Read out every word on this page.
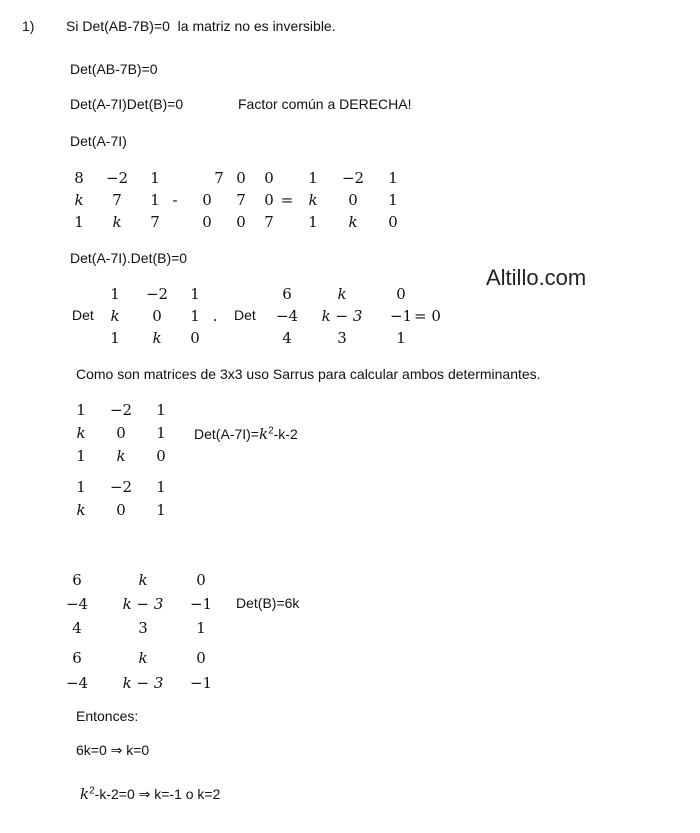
1) Si Det(AB-7B)=0  la matriz no es inversible.
Det(AB-7B)=0
Det(A-7I)Det(B)=0	Factor común a DERECHA!
Det(A-7I)
8	−2	1
k	7	1
1	k	7
-
7 0	0
0	7	0
0	0	7
=
1	−2	1
k	0	1
1	k	0
Det(A-7I).Det(B)=0
Altillo.com
Det
1	−2	1
k	0	1
1	k	0
.	Det
6	k	0
−4	k − 3	−1
4	3	1
= 0
Como son matrices de 3x3 uso Sarrus para calcular ambos determinantes.
1	−2	1
k	0	1
1	k	0
1	−2	1
k	0	1
$Det(A-7I)=k^2-k-2$
6	k	0
−4	k − 3	−1
4	3	1
6	k	0
−4	k − 3	−1
Det(B)=6k
Entonces:
6k=0 ⇒ k=0
$k^2-k-2=0$ ⇒ k=-1 o k=2
